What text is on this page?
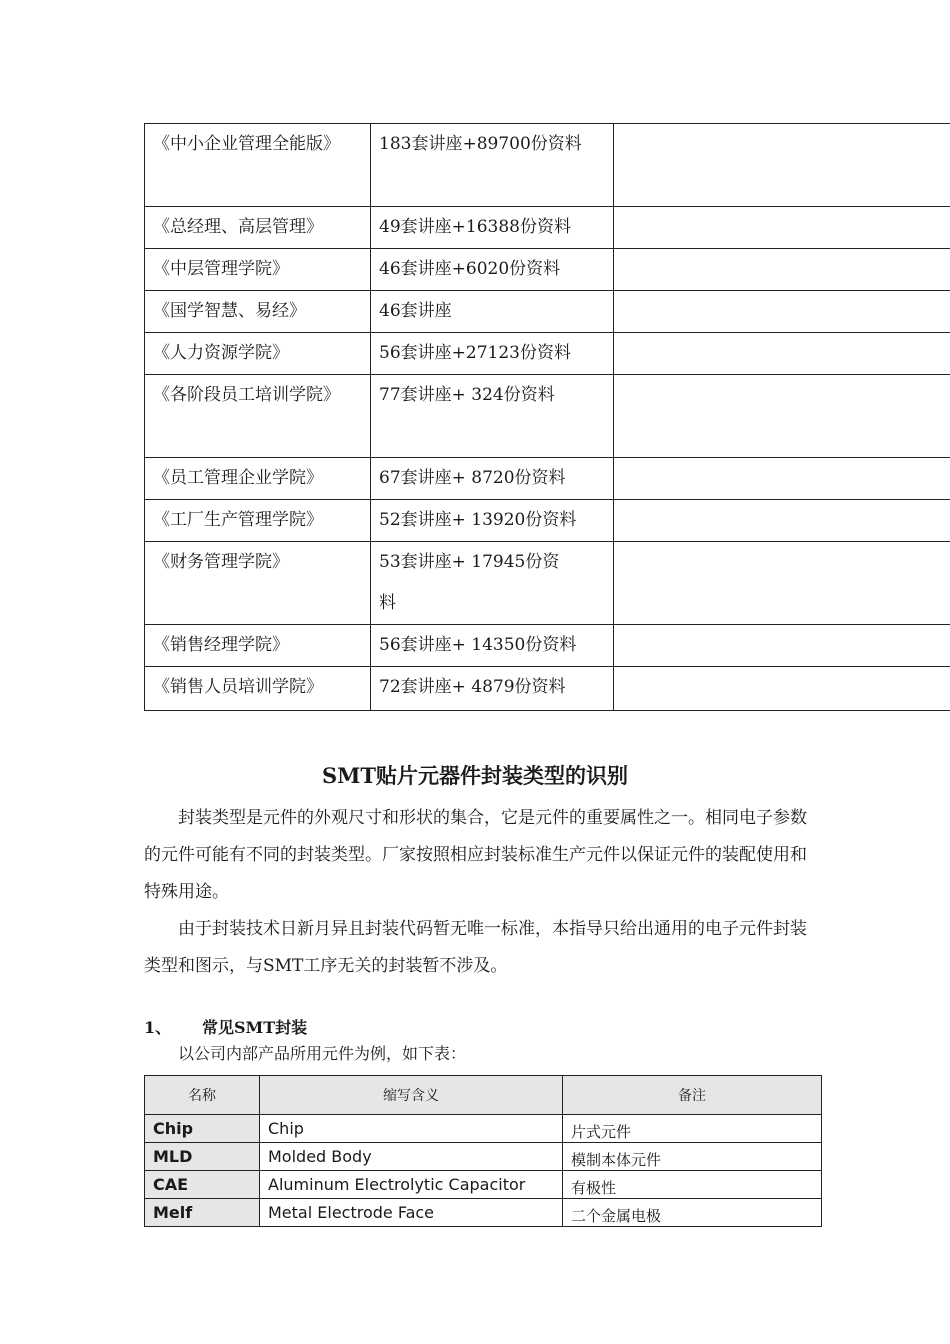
《中小企业管理全能版》	183套讲座+89700份资料	
《总经理、高层管理》	49套讲座+16388份资料	
《中层管理学院》	46套讲座+6020份资料	
《国学智慧、易经》	46套讲座	
《人力资源学院》	56套讲座+27123份资料	
《各阶段员工培训学院》	77套讲座+ 324份资料	
《员工管理企业学院》	67套讲座+ 8720份资料	
《工厂生产管理学院》	52套讲座+ 13920份资料	
《财务管理学院》	53套讲座+ 17945份资料	
《销售经理学院》	56套讲座+ 14350份资料	
《销售人员培训学院》	72套讲座+ 4879份资料	
SMT贴片元器件封装类型的识别

封装类型是元件的外观尺寸和形状的集合，它是元件的重要属性之一。相同电子参数的元件可能有不同的封装类型。厂家按照相应封装标准生产元件以保证元件的装配使用和特殊用途。

由于封装技术日新月异且封装代码暂无唯一标准，本指导只给出通用的电子元件封装类型和图示，与SMT工序无关的封装暂不涉及。

1、 常见SMT封装
以公司内部产品所用元件为例，如下表：
名称	缩写含义	备注
Chip	Chip	片式元件
MLD	Molded Body	模制本体元件
CAE	Aluminum Electrolytic Capacitor	有极性
Melf	Metal Electrode Face	二个金属电极
